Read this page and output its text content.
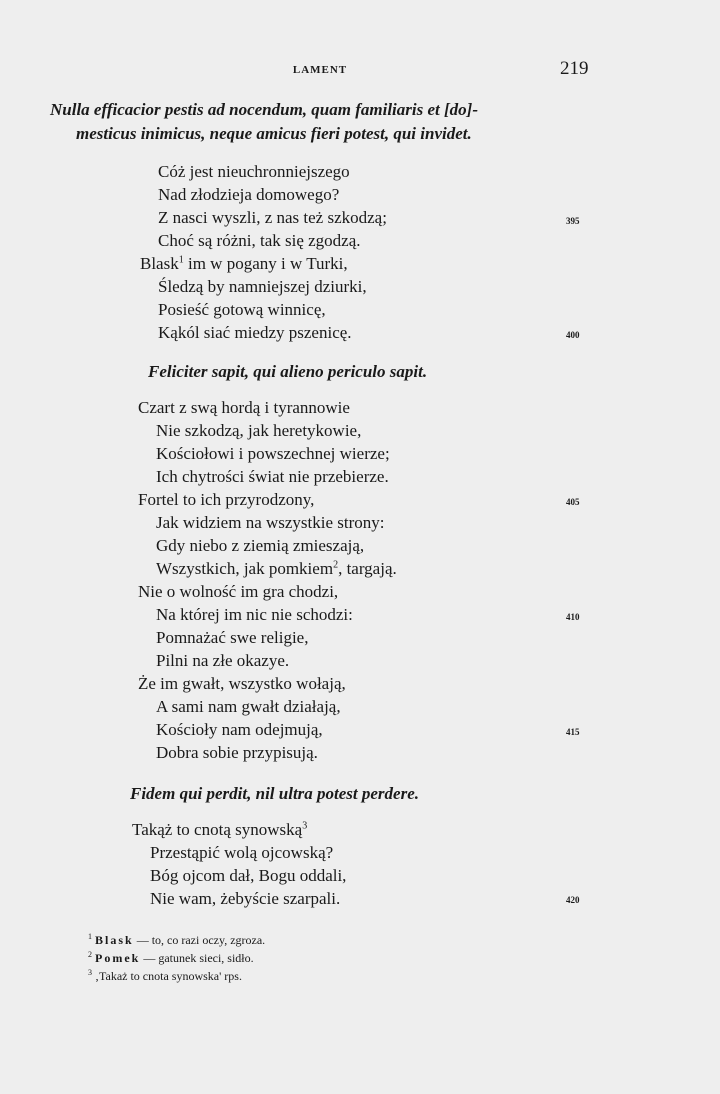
LAMENT	219
Nulla efficacior pestis ad nocendum, quam familiaris et [do]-
mesticus inimicus, neque amicus fieri potest, qui invidet.
Cóż jest nieuchronniejszego
Nad złodzieja domowego?
Z nasci wyszli, z nas też szkodzą;
Choć są różni, tak się zgodzą.
Blask$^1$ im w pogany i w Turki,
Śledzą by namniejszej dziurki,
Posieść gotową winnicę,
Kąkól siać miedzy pszenicę.
395
400
Feliciter sapit, qui alieno periculo sapit.
Czart z swą hordą i tyrannowie
Nie szkodzą, jak heretykowie,
Kościołowi i powszechnej wierze;
Ich chytrości świat nie przebierze.
Fortel to ich przyrodzony,
Jak widziem na wszystkie strony:
Gdy niebo z ziemią zmieszają,
Wszystkich, jak pomkiem$^2$, targają.
Nie o wolność im gra chodzi,
Na której im nic nie schodzi:
Pomnażać swe religie,
Pilni na złe okazye.
Że im gwałt, wszystko wołają,
A sami nam gwałt działają,
Kościoły nam odejmują,
Dobra sobie przypisują.
405
410
415
Fidem qui perdit, nil ultra potest perdere.
Takąż to cnotą synowską$^3$
Przestąpić wolą ojcowską?
Bóg ojcom dał, Bogu oddali,
Nie wam, żebyście szarpali.	420
$^1$ Blask — to, co razi oczy, zgroza.
$^2$ Pomek — gatunek sieci, sidło.
$^3$ ‚Takaż to cnota synowska' rps.
